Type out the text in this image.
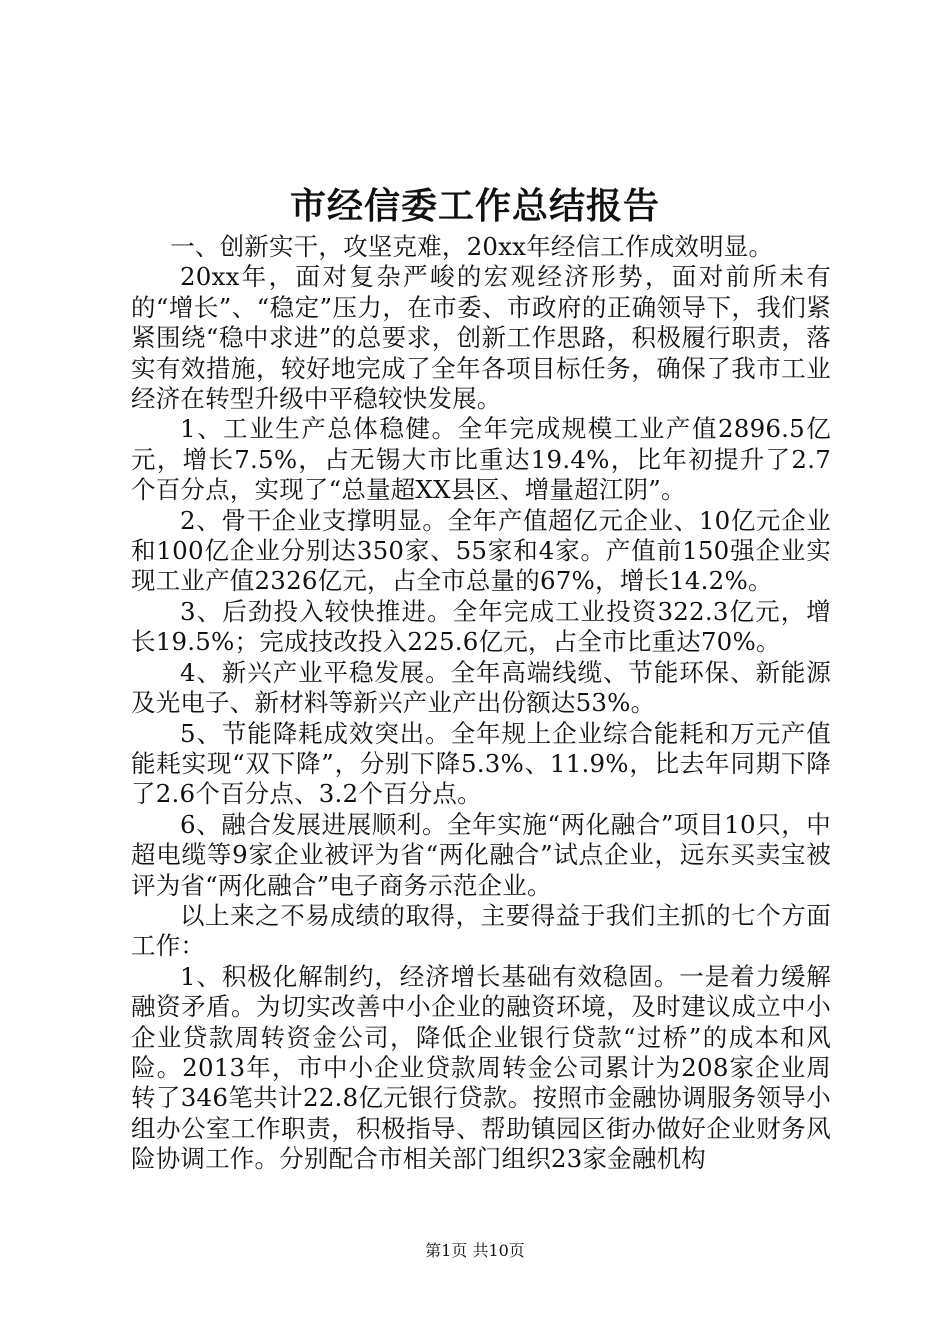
市经信委工作总结报告

一、创新实干，攻坚克难，20xx年经信工作成效明显。

20xx年，面对复杂严峻的宏观经济形势，面对前所未有的“增长”、“稳定”压力，在市委、市政府的正确领导下，我们紧紧围绕“稳中求进”的总要求，创新工作思路，积极履行职责，落实有效措施，较好地完成了全年各项目标任务，确保了我市工业经济在转型升级中平稳较快发展。

1、工业生产总体稳健。全年完成规模工业产值2896.5亿元，增长7.5%，占无锡大市比重达19.4%，比年初提升了2.7个百分点，实现了“总量超XX县区、增量超江阴”。

2、骨干企业支撑明显。全年产值超亿元企业、10亿元企业和100亿企业分别达350家、55家和4家。产值前150强企业实现工业产值2326亿元，占全市总量的67%，增长14.2%。

3、后劲投入较快推进。全年完成工业投资322.3亿元，增长19.5%；完成技改投入225.6亿元，占全市比重达70%。

4、新兴产业平稳发展。全年高端线缆、节能环保、新能源及光电子、新材料等新兴产业产出份额达53%。

5、节能降耗成效突出。全年规上企业综合能耗和万元产值能耗实现“双下降”，分别下降5.3%、11.9%，比去年同期下降了2.6个百分点、3.2个百分点。

6、融合发展进展顺利。全年实施“两化融合”项目10只，中超电缆等9家企业被评为省“两化融合”试点企业，远东买卖宝被评为省“两化融合”电子商务示范企业。

以上来之不易成绩的取得，主要得益于我们主抓的七个方面工作：

1、积极化解制约，经济增长基础有效稳固。一是着力缓解融资矛盾。为切实改善中小企业的融资环境，及时建议成立中小企业贷款周转资金公司，降低企业银行贷款“过桥”的成本和风险。2013年，市中小企业贷款周转金公司累计为208家企业周转了346笔共计22.8亿元银行贷款。按照市金融协调服务领导小组办公室工作职责，积极指导、帮助镇园区街办做好企业财务风险协调工作。分别配合市相关部门组织23家金融机构

第1页 共10页
